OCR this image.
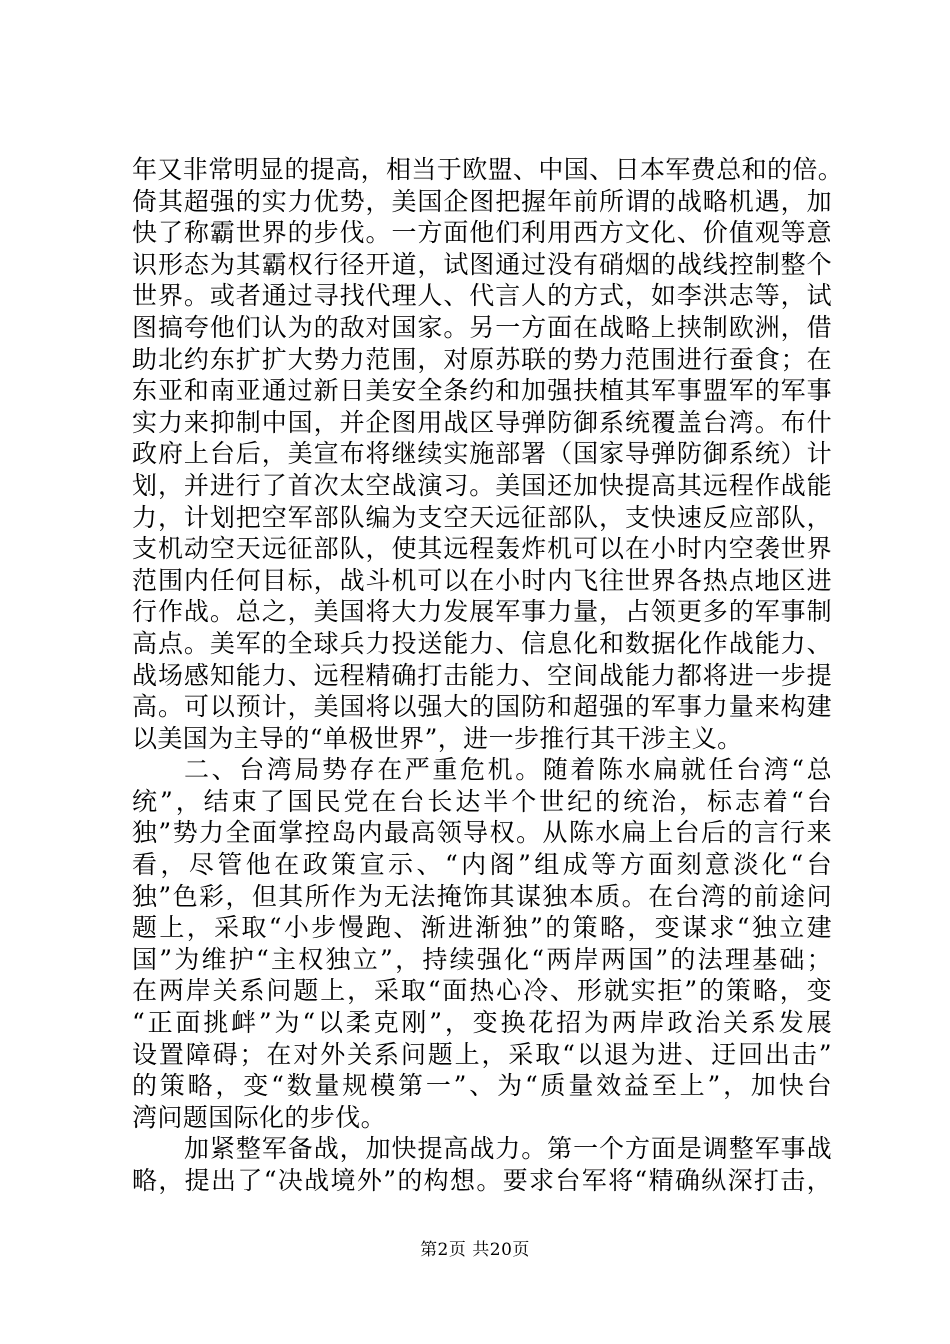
年又非常明显的提高，相当于欧盟、中国、日本军费总和的倍。
倚其超强的实力优势，美国企图把握年前所谓的战略机遇，加
快了称霸世界的步伐。一方面他们利用西方文化、价值观等意
识形态为其霸权行径开道，试图通过没有硝烟的战线控制整个
世界。或者通过寻找代理人、代言人的方式，如李洪志等，试
图搞夸他们认为的敌对国家。另一方面在战略上挟制欧洲，借
助北约东扩扩大势力范围，对原苏联的势力范围进行蚕食；在
东亚和南亚通过新日美安全条约和加强扶植其军事盟军的军事
实力来抑制中国，并企图用战区导弹防御系统覆盖台湾。布什
政府上台后，美宣布将继续实施部署（国家导弹防御系统）计
划，并进行了首次太空战演习。美国还加快提高其远程作战能
力，计划把空军部队编为支空天远征部队，支快速反应部队，
支机动空天远征部队，使其远程轰炸机可以在小时内空袭世界
范围内任何目标，战斗机可以在小时内飞往世界各热点地区进
行作战。总之，美国将大力发展军事力量，占领更多的军事制
高点。美军的全球兵力投送能力、信息化和数据化作战能力、
战场感知能力、远程精确打击能力、空间战能力都将进一步提
高。可以预计，美国将以强大的国防和超强的军事力量来构建
以美国为主导的“单极世界”，进一步推行其干涉主义。
二、台湾局势存在严重危机。随着陈水扁就任台湾“总
统”，结束了国民党在台长达半个世纪的统治，标志着“台
独”势力全面掌控岛内最高领导权。从陈水扁上台后的言行来
看，尽管他在政策宣示、“内阁”组成等方面刻意淡化“台
独”色彩，但其所作为无法掩饰其谋独本质。在台湾的前途问
题上，采取“小步慢跑、渐进渐独”的策略，变谋求“独立建
国”为维护“主权独立”，持续强化“两岸两国”的法理基础；
在两岸关系问题上，采取“面热心冷、形就实拒”的策略，变
“正面挑衅”为“以柔克刚”，变换花招为两岸政治关系发展
设置障碍；在对外关系问题上，采取“以退为进、迂回出击”
的策略，变“数量规模第一”、为“质量效益至上”，加快台
湾问题国际化的步伐。
加紧整军备战，加快提高战力。第一个方面是调整军事战
略，提出了“决战境外”的构想。要求台军将“精确纵深打击，
第2页 共20页
